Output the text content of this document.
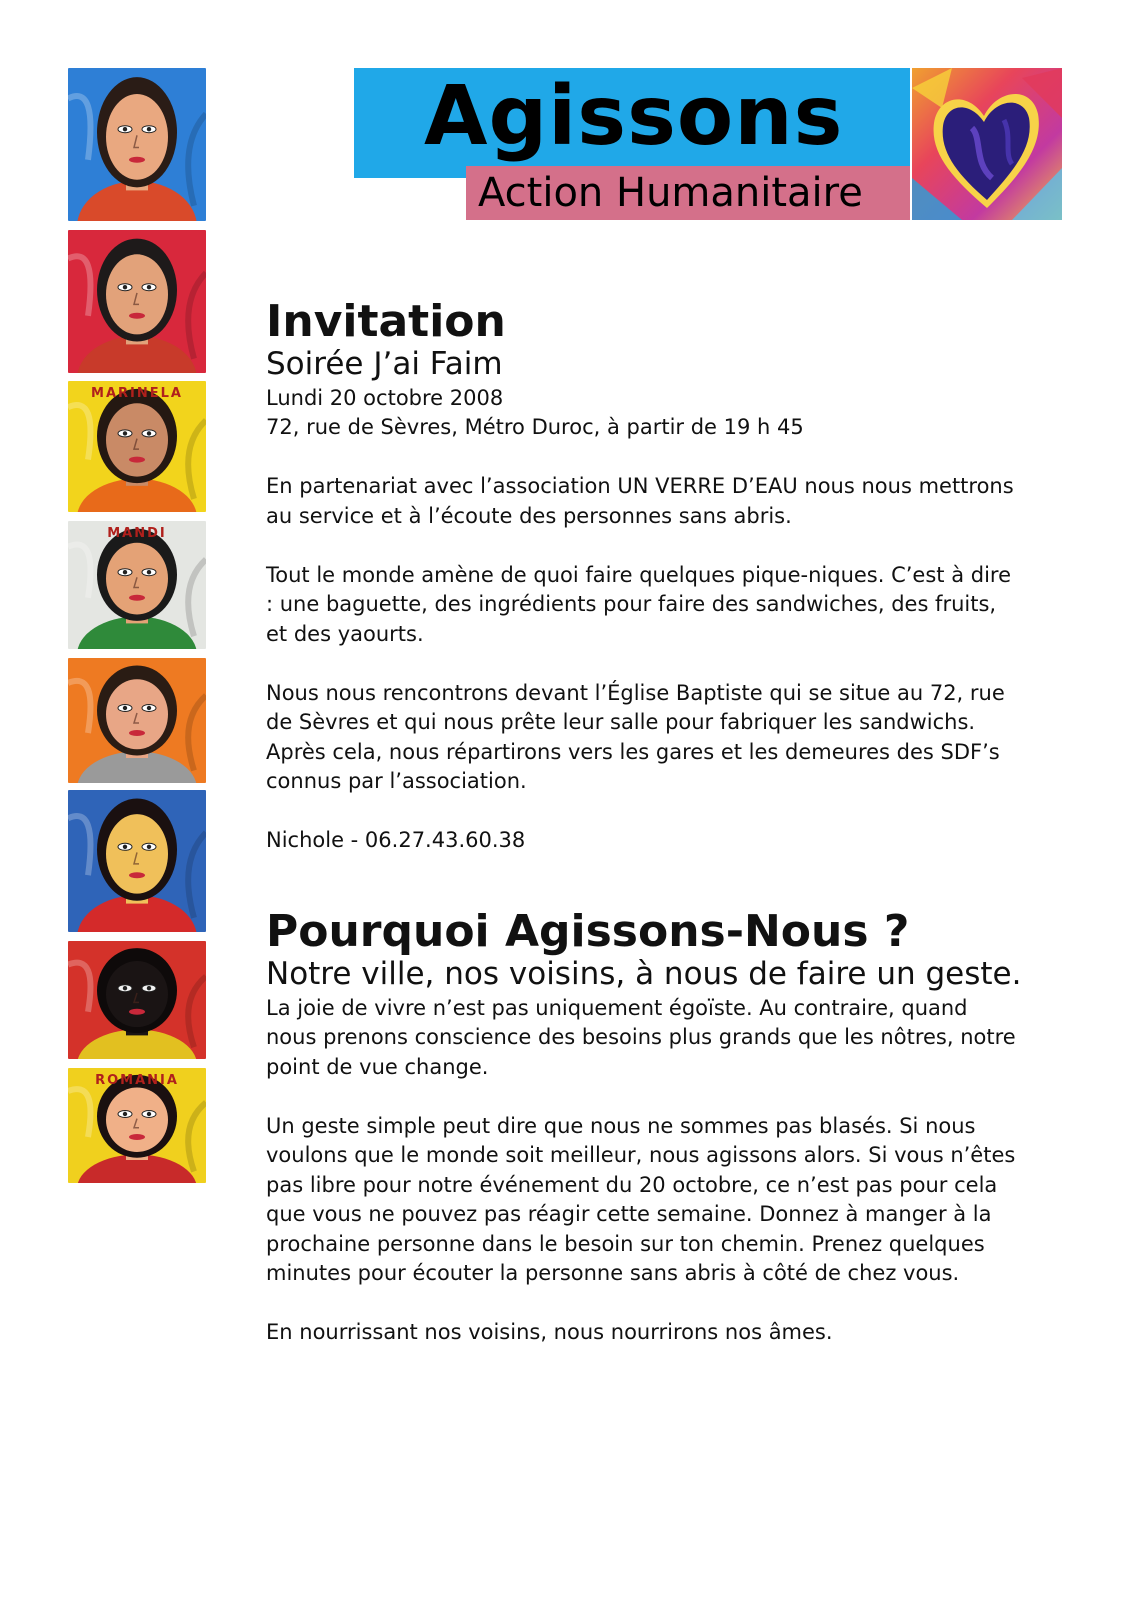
MARINELA
MANDI
ROMANIA
Agissons
Action Humanitaire
Invitation
Soirée J’ai Faim
Lundi 20 octobre 2008
72, rue de Sèvres, Métro Duroc, à partir de 19 h 45
En partenariat avec l’association UN VERRE D’EAU nous nous mettrons
au service et à l’écoute des personnes sans abris.
Tout le monde amène de quoi faire quelques pique-niques. C’est à dire
: une baguette, des ingrédients pour faire des sandwiches, des fruits,
et des yaourts.
Nous nous rencontrons devant l’Église Baptiste qui se situe au 72, rue
de Sèvres et qui nous prête leur salle pour fabriquer les sandwichs.
Après cela, nous répartirons vers les gares et les demeures des SDF’s
connus par l’association.
Nichole - 06.27.43.60.38
Pourquoi Agissons-Nous ?
Notre ville, nos voisins, à nous de faire un geste.
La joie de vivre n’est pas uniquement égoïste. Au contraire, quand
nous prenons conscience des besoins plus grands que les nôtres, notre
point de vue change.
Un geste simple peut dire que nous ne sommes pas blasés. Si nous
voulons que le monde soit meilleur, nous agissons alors. Si vous n’êtes
pas libre pour notre événement du 20 octobre, ce n’est pas pour cela
que vous ne pouvez pas réagir cette semaine. Donnez à manger à la
prochaine personne dans le besoin sur ton chemin. Prenez quelques
minutes pour écouter la personne sans abris à côté de chez vous.
En nourrissant nos voisins, nous nourrirons nos âmes.
